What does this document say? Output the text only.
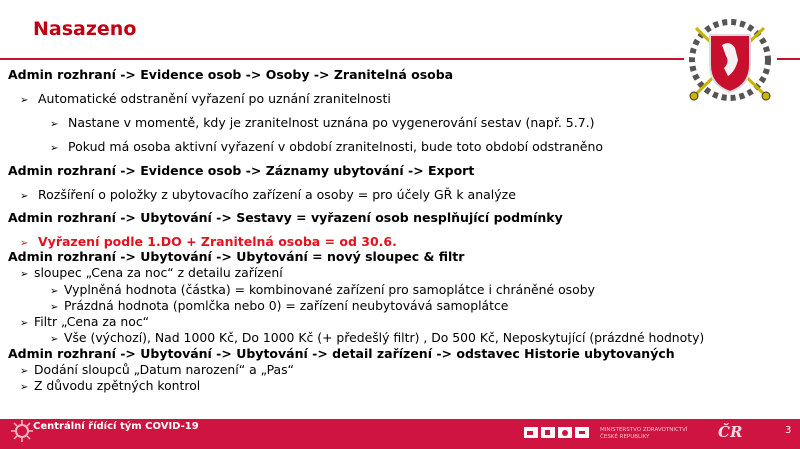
Nasazeno
Admin rozhraní -> Evidence osob -> Osoby -> Zranitelná osoba
➢ Automatické odstranění vyřazení po uznání zranitelnosti
➢ Nastane v momentě, kdy je zranitelnost uznána po vygenerování sestav (např. 5.7.)
➢ Pokud má osoba aktivní vyřazení v období zranitelnosti, bude toto období odstraněno
Admin rozhraní -> Evidence osob -> Záznamy ubytování -> Export
➢ Rozšíření o položky z ubytovacího zařízení a osoby = pro účely GŘ k analýze
Admin rozhraní -> Ubytování -> Sestavy = vyřazení osob nesplňující podmínky
➢ Vyřazení podle 1.DO + Zranitelná osoba = od 30.6.
Admin rozhraní -> Ubytování -> Ubytování = nový sloupec & filtr
➢ sloupec „Cena za noc“ z detailu zařízení
➢ Vyplněná hodnota (částka) = kombinované zařízení pro samoplátce i chráněné osoby
➢ Prázdná hodnota (pomlčka nebo 0) = zařízení neubytovává samoplátce
➢ Filtr „Cena za noc“
➢ Vše (výchozí), Nad 1000 Kč, Do 1000 Kč (+ předešlý filtr) , Do 500 Kč, Neposkytující (prázdné hodnoty)
Admin rozhraní -> Ubytování -> Ubytování -> detail zařízení -> odstavec Historie ubytovaných
➢ Dodání sloupců „Datum narození“ a „Pas“
➢ Z důvodu zpětných kontrol
Centrální řídící tým COVID-19	MINISTERSTVO ZDRAVOTNICTVÍ
ČESKÉ REPUBLIKY	ČR	3
